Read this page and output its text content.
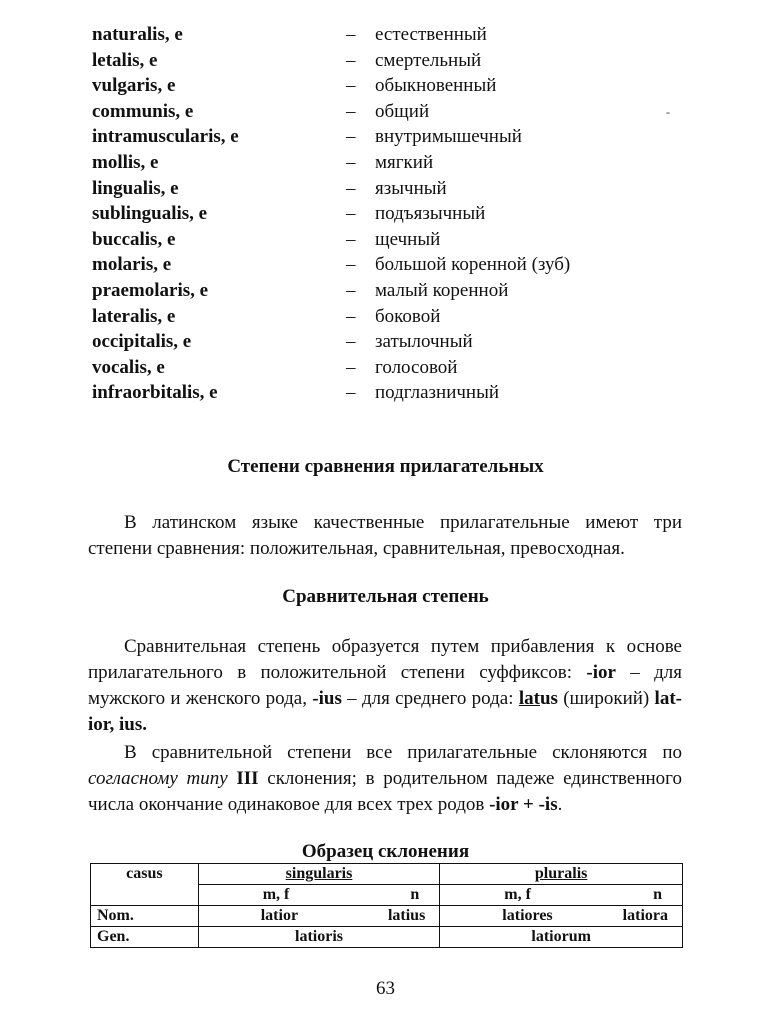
naturalis, e	– естественный
letalis, e	– смертельный
vulgaris, e	– обыкновенный
communis, e	– общий
intramuscularis, e	– внутримышечный
mollis, e	– мягкий
lingualis, e	– язычный
sublingualis, e	– подъязычный
buccalis, e	– щечный
molaris, e	– большой коренной (зуб)
praemolaris, e	– малый коренной
lateralis, e	– боковой
occipitalis, e	– затылочный
vocalis, e	– голосовой
infraorbitalis, e	– подглазничный
-
Степени сравнения прилагательных

В латинском языке качественные прилагательные имеют три степени сравнения: положительная, сравнительная, превосходная.

Сравнительная степень

Сравнительная степень образуется путем прибавления к основе прилагательного в положительной степени суффиксов: -ior – для мужского и женского рода, -ius – для среднего рода: latus (широкий) lat-ior, ius.

В сравнительной степени все прилагательные склоняются по согласному типу III склонения; в родительном падеже единственного числа окончание одинаковое для всех трех родов -ior + -is.

Образец склонения
casus	singularis	pluralis

	m, f n	m, f n

Nom.	latior latius	latiores latiora

Gen.	latioris	latiorum
63
